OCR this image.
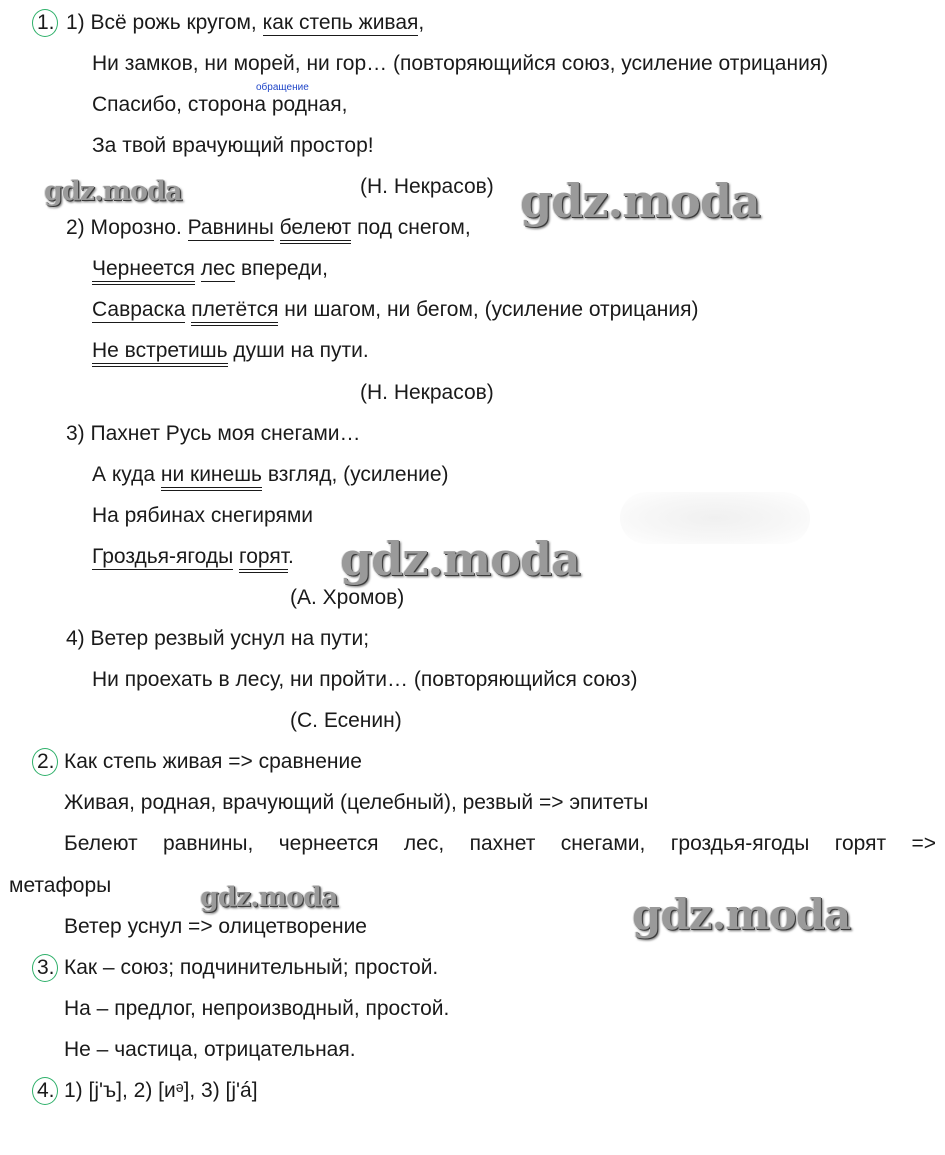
gdz.moda	gdz.moda
gdz.moda
gdz.moda	gdz.moda
1. 1) Всё рожь кругом, как степь живая,
Ни замков, ни морей, ни гор… (повторяющийся союз, усиление отрицания)
обращение
Спасибо, сторона родная,
За твой врачующий простор!
(Н. Некрасов)
2) Морозно. Равнины белеют под снегом,
Чернеется лес впереди,
Савраска плетётся ни шагом, ни бегом, (усиление отрицания)
Не встретишь души на пути.
(Н. Некрасов)
3) Пахнет Русь моя снегами…
А куда ни кинешь взгляд, (усиление)
На рябинах снегирями
Гроздья-ягоды горят.
(А. Хромов)
4) Ветер резвый уснул на пути;
Ни проехать в лесу, ни пройти… (повторяющийся союз)
(С. Есенин)
2. Как степь живая => сравнение
Живая, родная, врачующий (целебный), резвый => эпитеты
Белеют равнины, чернеется лес, пахнет снегами, гроздья-ягоды горят =>
метафоры
Ветер уснул => олицетворение
3. Как – союз; подчинительный; простой.
На – предлог, непроизводный, простой.
Не – частица, отрицательная.
4. 1) [j'ъ], 2) [иᵊ], 3) [j'á]
